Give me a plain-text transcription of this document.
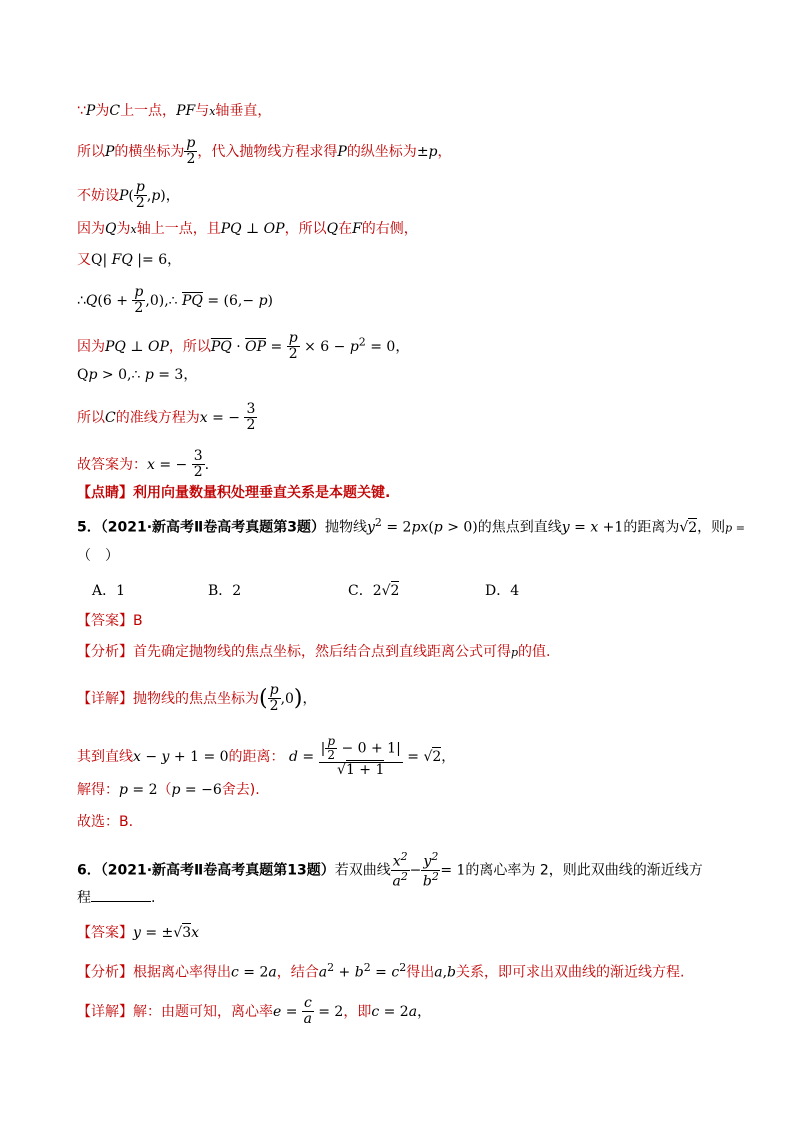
∵P为C上一点，PF与x轴垂直，
所以P的横坐标为 $\frac{p}{2}$ ，代入抛物线方程求得P的纵坐标为±p，
不妨设$P( \frac{p}{2} ,p)$，
因为Q为x轴上一点，且PQ ⊥ OP，所以Q在F的右侧，
又Q| FQ |= 6，
∴Q(6 + $\frac{p}{2}$ ,0),∴ $\overline{PQ} = (6,- p)$
因为PQ ⊥ OP，所以$\overline{PQ} \cdot \overline{OP} = \frac{p}{2} \times 6 - p^2 = 0$，
Qp > 0,∴ p = 3，
所以C的准线方程为x = − $\frac{3}{2}$
故答案为：x = − $\frac{3}{2}$ .
【点睛】利用向量数量积处理垂直关系是本题关键.
5．（2021·新高考Ⅱ卷高考真题第3题）抛物线$y^2 = 2px(p > 0)$的焦点到直线y = x +1的距离为√2，则p =
（　）
A．1	B．2	C．2√2	D．4
【答案】B
【分析】首先确定抛物线的焦点坐标，然后结合点到直线距离公式可得p的值.
【详解】抛物线的焦点坐标为( $\frac{p}{2} ,0$)，
其到直线x − y + 1 = 0的距离： $d = \frac{| \frac{p}{2} - 0 + 1|}{√1 + 1} = √2$，
解得：p = 2（p = −6舍去).
故选：B.
6．（2021·新高考Ⅱ卷高考真题第13题）若双曲线 $\frac{x^2}{a^2} - \frac{y^2}{b^2} = 1$的离心率为 2，则此双曲线的渐近线方
程	.
【答案】y = ±√3x
【分析】根据离心率得出c = 2a，结合$a^2 + b^2 = c^2$得出a,b关系，即可求出双曲线的渐近线方程.
【详解】解：由题可知，离心率$e = \frac{c}{a} = 2$，即c = 2a，
